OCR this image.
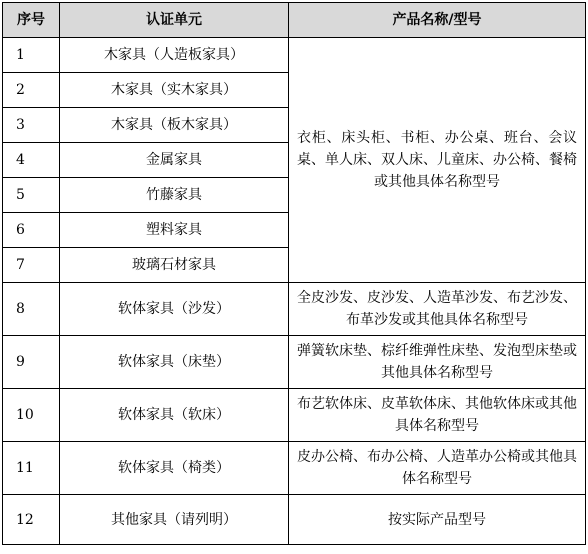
序号	认证单元	产品名称/型号
1	木家具（人造板家具）	衣柜、床头柜、书柜、办公桌、班台、会议桌、单人床、双人床、儿童床、办公椅、餐椅或其他具体名称型号
2	木家具（实木家具）	
3	木家具（板木家具）	
4	金属家具	
5	竹藤家具	
6	塑料家具	
7	玻璃石材家具	
8	软体家具（沙发）	全皮沙发、皮沙发、人造革沙发、布艺沙发、布革沙发或其他具体名称型号
9	软体家具（床垫）	弹簧软床垫、棕纤维弹性床垫、发泡型床垫或其他具体名称型号
10	软体家具（软床）	布艺软体床、皮革软体床、其他软体床或其他具体名称型号
11	软体家具（椅类）	皮办公椅、布办公椅、人造革办公椅或其他具体名称型号
12	其他家具（请列明）	按实际产品型号
